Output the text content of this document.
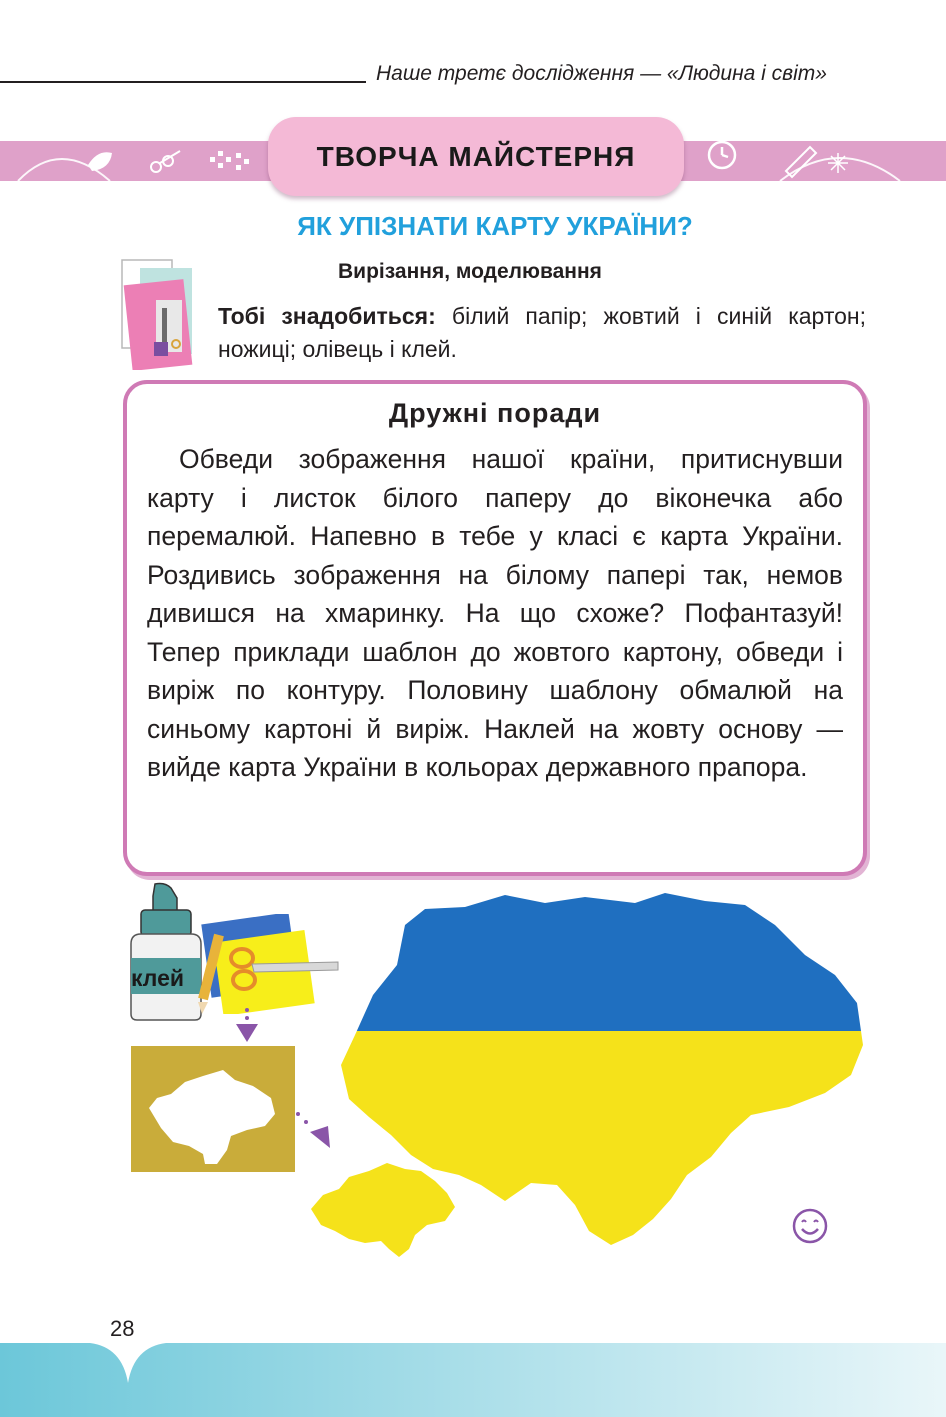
Наше третє дослідження — «Людина і світ»
ТВОРЧА МАЙСТЕРНЯ
ЯК УПІЗНАТИ КАРТУ УКРАЇНИ?
Вирізання, моделювання
Тобі знадобиться: білий папір; жовтий і синій картон; ножиці; олівець і клей.
Дружні поради
Обведи зображення нашої країни, притиснувши карту і листок білого паперу до віконечка або перемалюй. Напевно в тебе у класі є карта України. Роздивись зображення на білому папері так, немов дивишся на хмаринку. На що схоже? Пофантазуй! Тепер приклади шаблон до жовтого картону, обведи і виріж по контуру. Половину шаблону обмалюй на синьому картоні й виріж. Наклей на жовту основу — вийде карта України в кольорах державного прапора.
клей
28
